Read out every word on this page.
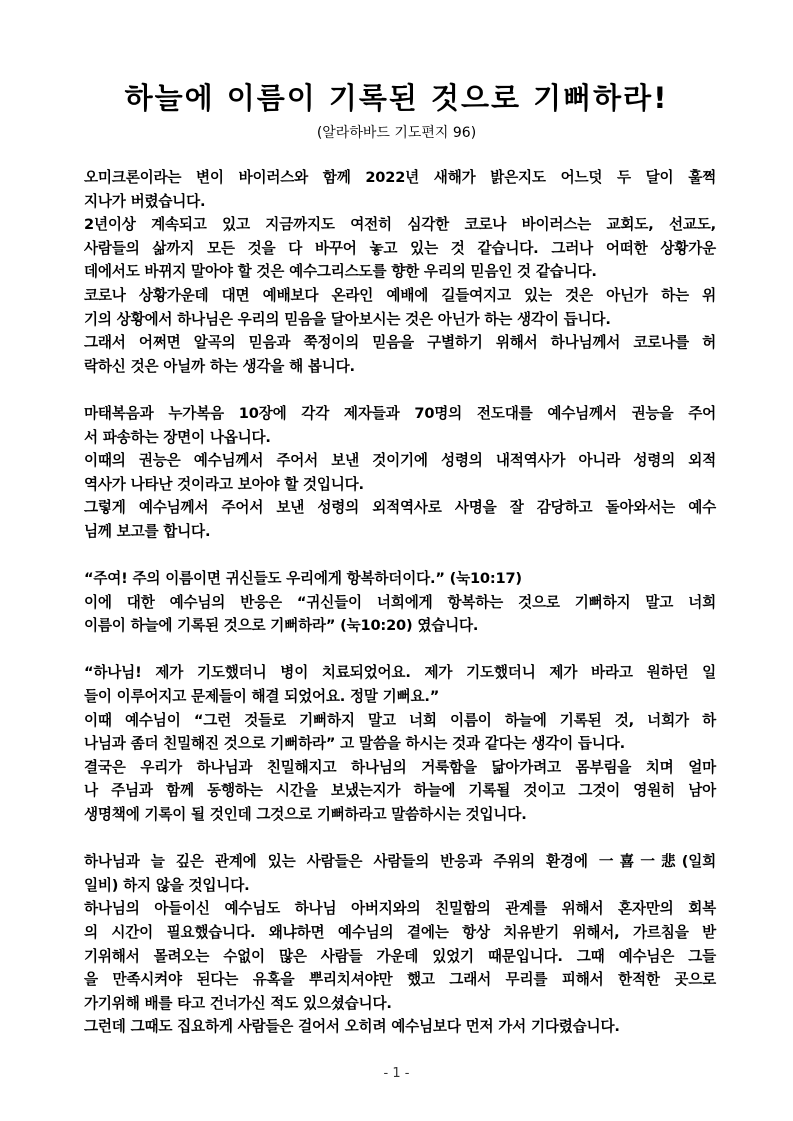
하늘에 이름이 기록된 것으로 기뻐하라!
(알라하바드 기도편지 96)
오미크론이라는 변이 바이러스와 함께 2022년 새해가 밝은지도 어느덧 두 달이 훌쩍
지나가 버렸습니다.
2년이상 계속되고 있고 지금까지도 여전히 심각한 코로나 바이러스는 교회도, 선교도,
사람들의 삶까지 모든 것을 다 바꾸어 놓고 있는 것 같습니다. 그러나 어떠한 상황가운
데에서도 바뀌지 말아야 할 것은 예수그리스도를 향한 우리의 믿음인 것 같습니다.
코로나 상황가운데 대면 예배보다 온라인 예배에 길들여지고 있는 것은 아닌가 하는 위
기의 상황에서 하나님은 우리의 믿음을 달아보시는 것은 아닌가 하는 생각이 듭니다.
그래서 어쩌면 알곡의 믿음과 쭉정이의 믿음을 구별하기 위해서 하나님께서 코로나를 허
락하신 것은 아닐까 하는 생각을 해 봅니다.
마태복음과 누가복음 10장에 각각 제자들과 70명의 전도대를 예수님께서 권능을 주어
서 파송하는 장면이 나옵니다.
이때의 권능은 예수님께서 주어서 보낸 것이기에 성령의 내적역사가 아니라 성령의 외적
역사가 나타난 것이라고 보아야 할 것입니다.
그렇게 예수님께서 주어서 보낸 성령의 외적역사로 사명을 잘 감당하고 돌아와서는 예수
님께 보고를 합니다.
“주여! 주의 이름이면 귀신들도 우리에게 항복하더이다.” (눅10:17)
이에 대한 예수님의 반응은 “귀신들이 너희에게 항복하는 것으로 기뻐하지 말고 너희
이름이 하늘에 기록된 것으로 기뻐하라” (눅10:20) 였습니다.
“하나님! 제가 기도했더니 병이 치료되었어요. 제가 기도했더니 제가 바라고 원하던 일
들이 이루어지고 문제들이 해결 되었어요. 정말 기뻐요.”
이때 예수님이 “그런 것들로 기뻐하지 말고 너희 이름이 하늘에 기록된 것, 너희가 하
나님과 좀더 친밀해진 것으로 기뻐하라” 고 말씀을 하시는 것과 같다는 생각이 듭니다.
결국은 우리가 하나님과 친밀해지고 하나님의 거룩함을 닮아가려고 몸부림을 치며 얼마
나 주님과 함께 동행하는 시간을 보냈는지가 하늘에 기록될 것이고 그것이 영원히 남아
생명책에 기록이 될 것인데 그것으로 기뻐하라고 말씀하시는 것입니다.
하나님과 늘 깊은 관계에 있는 사람들은 사람들의 반응과 주위의 환경에 一喜一悲(일희
일비) 하지 않을 것입니다.
하나님의 아들이신 예수님도 하나님 아버지와의 친밀함의 관계를 위해서 혼자만의 회복
의 시간이 필요했습니다. 왜냐하면 예수님의 곁에는 항상 치유받기 위해서, 가르침을 받
기위해서 몰려오는 수없이 많은 사람들 가운데 있었기 때문입니다. 그때 예수님은 그들
을 만족시켜야 된다는 유혹을 뿌리치셔야만 했고 그래서 무리를 피해서 한적한 곳으로
가기위해 배를 타고 건너가신 적도 있으셨습니다.
그런데 그때도 집요하게 사람들은 걸어서 오히려 예수님보다 먼저 가서 기다렸습니다.
- 1 -
